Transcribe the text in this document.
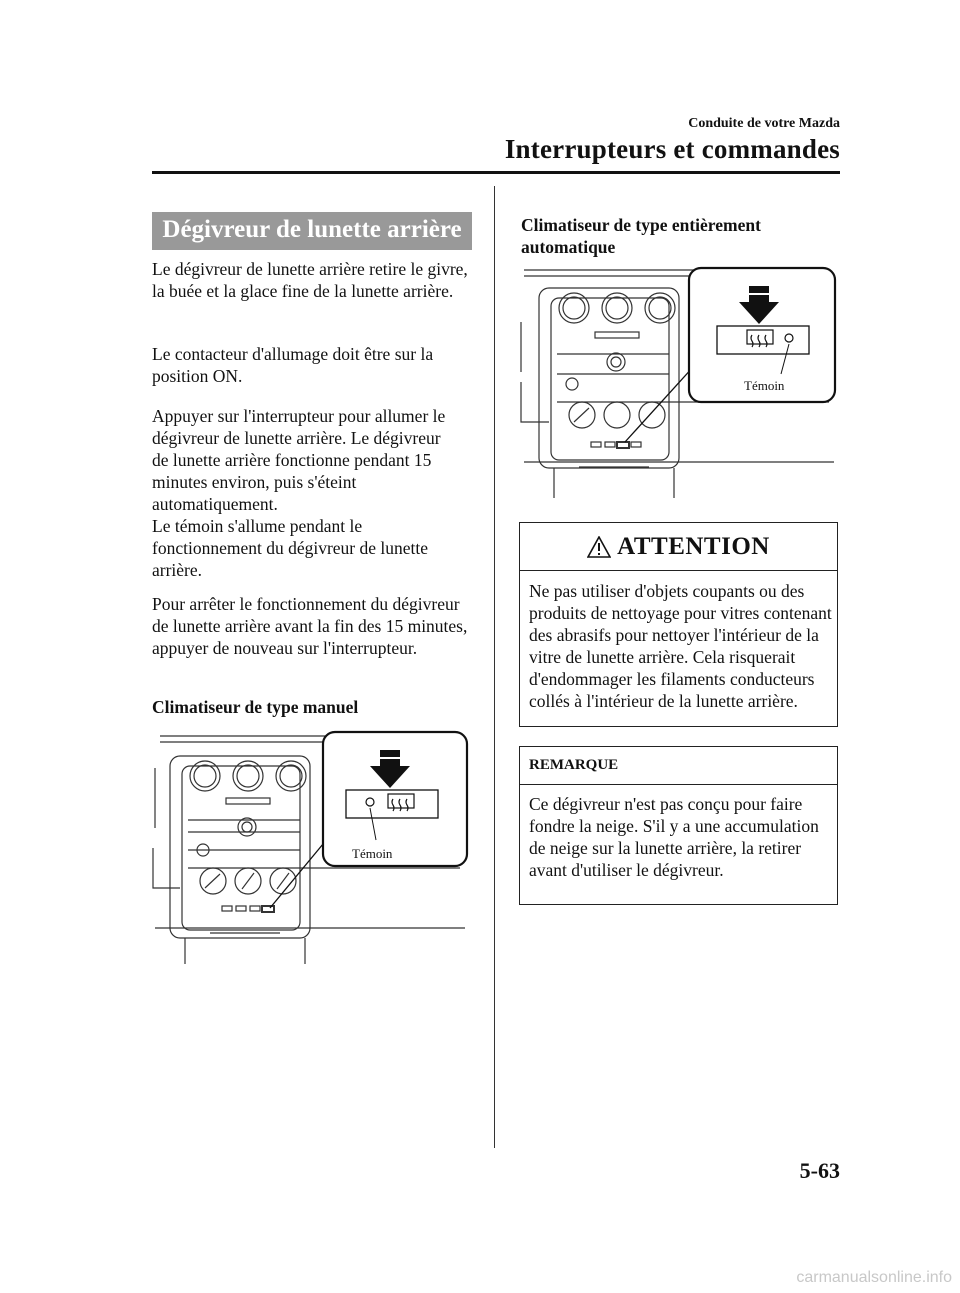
Conduite de votre Mazda
Interrupteurs et commandes
Dégivreur de lunette arrière

Le dégivreur de lunette arrière retire le givre, la buée et la glace fine de la lunette arrière.

Le contacteur d'allumage doit être sur la position ON.

Appuyer sur l'interrupteur pour allumer le
dégivreur de lunette arrière. Le dégivreur
de lunette arrière fonctionne pendant 15
minutes environ, puis s'éteint
automatiquement.
Le témoin s'allume pendant le
fonctionnement du dégivreur de lunette
arrière.

Pour arrêter le fonctionnement du dégivreur de lunette arrière avant la fin des 15 minutes, appuyer de nouveau sur l'interrupteur.

Climatiseur de type manuel
Témoin
Climatiseur de type entièrement automatique
Témoin
ATTENTION
Ne pas utiliser d'objets coupants ou des produits de nettoyage pour vitres contenant des abrasifs pour nettoyer l'intérieur de la vitre de lunette arrière. Cela risquerait d'endommager les filaments conducteurs collés à l'intérieur de la lunette arrière.
REMARQUE
Ce dégivreur n'est pas conçu pour faire fondre la neige. S'il y a une accumulation de neige sur la lunette arrière, la retirer avant d'utiliser le dégivreur.
5-63
carmanualsonline.info
